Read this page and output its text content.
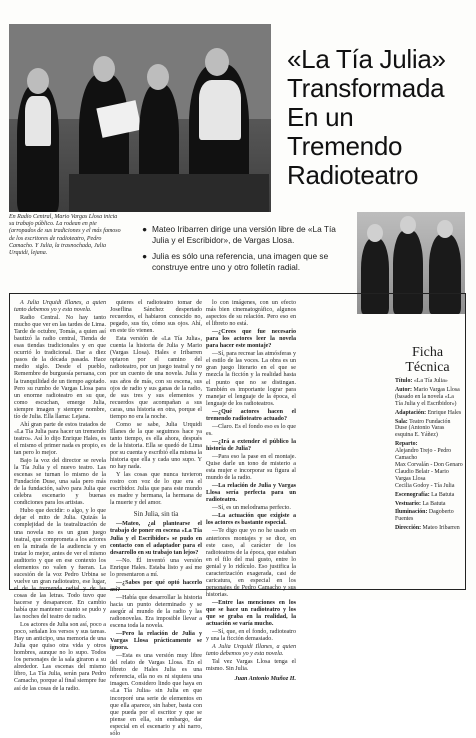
En Radio Central, Mario Vargas Llosa inicia su trabajo público. La rodean en pie (arropados de sus tradiciones y el más famoso de los escritores de radioteatro, Pedro Camacho. Y Julia, la trasnochada, Julia Urquidi, lejana.
«La Tía Julia» Transformada En un Tremendo Radioteatro
● Mateo Iribarren dirige una versión libre de «La Tía Julia y el Escribidor», de Vargas Llosa.
● Julia es sólo una referencia, una imagen que se construye entre uno y otro folletín radial.

A Julia Urquidi Illanes, a quien tanto debemos yo y esta novela.

Radio Central. No hay tanto mucho que ver en las tardes de Lima. Tarde de octubre, Tomás, a quien así bautizó la radio central, Tienda de esas tiendas tradicionales y en que ocurrió lo tradicional. Dar a diez pasos de la década pasada. Hace medio siglo. Desde el pueblo, Remembre de burguesía peruana, con la tranquilidad de un tiempo agotado. Pero su rumbo de Vargas Llosa para un enorme radioteatro en su que, como escuchan, emerge Julia, siempre imagen y siempre nombre, tío de Julia. Ella llama: Lejana.

Ahí gran parte de estos tratados de «La Tía Julia para hacer un tremendo teatro». Así lo dijo Enrique Hales, es el mismo el primer nada es propio, es tan pero lo mejor.

Bajo la voz del director se revela la Tía Julia y el nuevo teatro. Las escenas se turnan lo mismo de la Fundación Duse, una sala pero más de la fundación, salvo para Julia que celebra escenario y buenas condiciones para los artistas.

Hubo que decidir: o algo, y lo que dejar el mito de Julia. Quizás la complejidad de la teatralización de una novela no es un gran juego teatral, que comprometa a los actores en la mirada de la audiencia y en tratar lo mejor, antes de ver el mismo auditorio y que en ese contexto los elementos no valen y fueran. La sucesión de la voz Pedro Urbina se vuelve un gran radioteatro, ese lugar, el de la tremenda radial y de las cosas de las letras. Todo tuvo que hacerse y desaparecer. En cambio había que mantener cuanto se pudo y las noches del teatro de radio.

Los actores de Julia son así, poco a poco, señalan los versos y sus tareas. Hay un anticipo, una memoria de una Julia que quiso otra vida y otros hombres, aunque no lo supo. Todos los personajes de la sala giraron a su alrededor. Las escenas del mismo libro, La Tía Julia, serán para Pedro Camacho, porque al final siempre fue así de las cosas de la radio.

quieres el radioteatro tomar de Joseflina Sánchez despertado recuerdos, el habiaron conocido no, pegado, sus tío, cómo sus ojos. Ahí, en este tío vienen.

Esta versión de «La Tía Julia», cuenta la historia de Julia y Mario (Vargas Llosa). Hales e Iribarren optaron por el camino del radioteatro, por un juego teatral y no por un cuento de una novela. Julia y sus años de más, con su escena, sus ojos de radio y sus ganas de la radio, de sus tres y sus elementos y recuerdos que acompañan a sus caras, una historia en otra, porque el tiempo no era la noche.

Como se sabe, Julia Urquidi Illanes de la que seguimos hace ya tanto tiempo, es ella ahora, después de la historia. Ella se quedó de Lima por su cuenta y escribió ella misma la historia que ella y cada uno supo. Y no hay nada.

Y las cosas que nunca tuvieron rostro con voz de lo que era el escribidor. Julia que para este mundo es madre y hermana, la hermana de la muerte y del amor.

Sin Julia, sin tía

—Mateo, ¿al plantearse el trabajo de poner en escena «La Tía Julia y el Escribidor» se pudo en contacto con el adaptador para el desarrollo en su trabajo tan lejos?

—No. Él inventó una versión Enrique Hales. Estaba listo y así me lo presentaron a mí.

—¿Sabes por qué optó hacerlo así?

—Había que desarrollar la historia hacia un punto determinado y se asegúr al mundo de la radio y las radionovelas. Era imposible llevar a escena toda la novela.

—Pero la relación de Julia y Vargas Llosa prácticamente se ignora.

—Esta es una versión muy libre del relato de Vargas Llosa. En el libreto de Hales Julia es una referencia, ella no es ni siquiera una imagen. Considero lindo que haya en «La Tía Julia» sin Julia en que incorporé una serie de elementos en que ella aparece, sin haber, basta con que pueda por el escritor y que se piense en ella, sin embargo, dar especial en el escenario y ahí narro, sólo

lo con imágenes, con un efecto más bien cinematográfico, algunos aspectos de su relación. Pero eso en el libreto no está.

—¿Crees que fue necesario para los actores leer la novela para hacer este montaje?

—Sí, para recrear las atmósferas y el estilo de las voces. La obra es un gran juego literario en el que se mezcla la ficción y la realidad hasta el punto que no se distingan. También es importante lograr para manejar el lenguaje de la época, el lenguaje de los radioteatros.

—¿Qué actores hacen el tremendo radioteatro actuado?

—Claro. Es el fondo eso es lo que es.

—¿Irá a extender el público la historia de Julia?

—Para eso la pase en el montaje. Quise darle un tono de misterio a esta mujer e incorporar su figura al mundo de la radio.

—La relación de Julia y Vargas Llosa sería perfecta para un radioteatro.

—Sí, es un melodrama perfecto.

—La actuación que exigiste a los actores es bastante especial.

—Te digo que yo no he usado en anteriores montajes y se dice, en este caso, al carácter de los radioteatros de la época, que estaban en el filo del mal gusto, entre lo genial y lo ridículo. Eso justifica la caracterización exagerada, casi de caricatura, en especial en los personajes de Pedro Camacho y sus historias.

—Entre las menciones en los que se hace un radioteatro y los que se graba en la realidad, la actuación se varía mucho.

—Sí, que, en el fondo, radioteatro y una la ficción demasiado.

A Julia Urquidi Illanes, a quien tanto debemos yo y esta novela.

Tal vez Vargas Llosa tenga el mismo. Sin Julia.

Juan Antonio Muñoz H.

Ficha Técnica
Título: «La Tía Julia»
Autor: Mario Vargas Llosa (basado en la novela «La Tía Julia y el Escribidor»)
Adaptación: Enrique Hales
Sala: Teatro Fundación Duse (Antonio Varas esquina E. Yáñez)
Reparto:
Alejandro Trejo - Pedro Camacho
Max Corvalán - Don Genaro
Claudio Belair - Mario Vargas Llosa
Cecilia Godoy - Tía Julia
Escenografía: La Batuta
Vestuario: La Batuta
Iluminación: Dagoberto Fuentes
Dirección: Mateo Iribarren
